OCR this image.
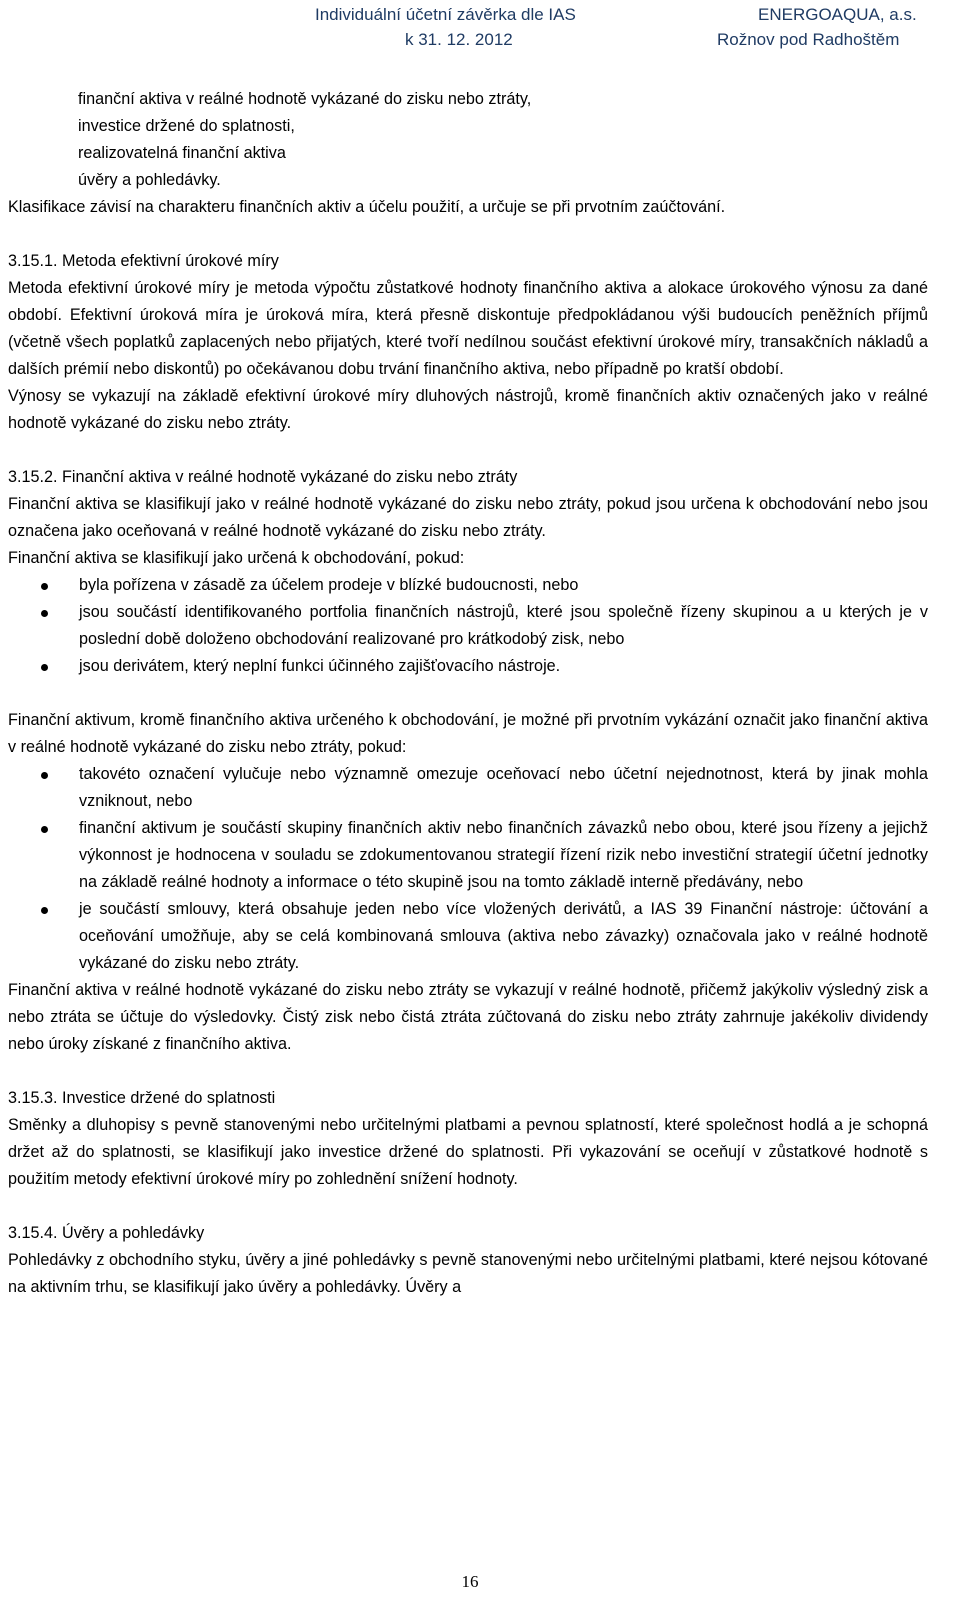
Individuální účetní závěrka dle IAS
k 31. 12. 2012
ENERGOAQUA, a.s.
Rožnov pod Radhoštěm
finanční aktiva v reálné hodnotě vykázané do zisku nebo ztráty,
investice držené do splatnosti,
realizovatelná finanční aktiva
úvěry a pohledávky.

Klasifikace závisí na charakteru finančních aktiv a účelu použití, a určuje se při prvotním zaúčtování.

3.15.1. Metoda efektivní úrokové míry

Metoda efektivní úrokové míry je metoda výpočtu zůstatkové hodnoty finančního aktiva a alokace úrokového výnosu za dané období. Efektivní úroková míra je úroková míra, která přesně diskontuje předpokládanou výši budoucích peněžních příjmů (včetně všech poplatků zaplacených nebo přijatých, které tvoří nedílnou součást efektivní úrokové míry, transakčních nákladů a dalších prémií nebo diskontů) po očekávanou dobu trvání finančního aktiva, nebo případně po kratší období.

Výnosy se vykazují na základě efektivní úrokové míry dluhových nástrojů, kromě finančních aktiv označených jako v reálné hodnotě vykázané do zisku nebo ztráty.

3.15.2. Finanční aktiva v reálné hodnotě vykázané do zisku nebo ztráty

Finanční aktiva se klasifikují jako v reálné hodnotě vykázané do zisku nebo ztráty, pokud jsou určena k obchodování nebo jsou označena jako oceňovaná v reálné hodnotě vykázané do zisku nebo ztráty.

Finanční aktiva se klasifikují jako určená k obchodování, pokud:

byla pořízena v zásadě za účelem prodeje v blízké budoucnosti, nebo
jsou součástí identifikovaného portfolia finančních nástrojů, které jsou společně řízeny skupinou a u kterých je v poslední době doloženo obchodování realizované pro krátkodobý zisk, nebo
jsou derivátem, který neplní funkci účinného zajišťovacího nástroje.

Finanční aktivum, kromě finančního aktiva určeného k obchodování, je možné při prvotním vykázání označit jako finanční aktiva v reálné hodnotě vykázané do zisku nebo ztráty, pokud:

takovéto označení vylučuje nebo významně omezuje oceňovací nebo účetní nejednotnost, která by jinak mohla vzniknout, nebo
finanční aktivum je součástí skupiny finančních aktiv nebo finančních závazků nebo obou, které jsou řízeny a jejichž výkonnost je hodnocena v souladu se zdokumentovanou strategií řízení rizik nebo investiční strategií účetní jednotky na základě reálné hodnoty a informace o této skupině jsou na tomto základě interně předávány, nebo
je součástí smlouvy, která obsahuje jeden nebo více vložených derivátů, a IAS 39 Finanční nástroje: účtování a oceňování umožňuje, aby se celá kombinovaná smlouva (aktiva nebo závazky) označovala jako v reálné hodnotě vykázané do zisku nebo ztráty.

Finanční aktiva v reálné hodnotě vykázané do zisku nebo ztráty se vykazují v reálné hodnotě, přičemž jakýkoliv výsledný zisk a nebo ztráta se účtuje do výsledovky. Čistý zisk nebo čistá ztráta zúčtovaná do zisku nebo ztráty zahrnuje jakékoliv dividendy nebo úroky získané z finančního aktiva.

3.15.3. Investice držené do splatnosti

Směnky a dluhopisy s pevně stanovenými nebo určitelnými platbami a pevnou splatností, které společnost hodlá a je schopná držet až do splatnosti, se klasifikují jako investice držené do splatnosti. Při vykazování se oceňují v zůstatkové hodnotě s použitím metody efektivní úrokové míry po zohlednění snížení hodnoty.

3.15.4. Úvěry a pohledávky

Pohledávky z obchodního styku, úvěry a jiné pohledávky s pevně stanovenými nebo určitelnými platbami, které nejsou kótované na aktivním trhu, se klasifikují jako úvěry a pohledávky. Úvěry a

16
